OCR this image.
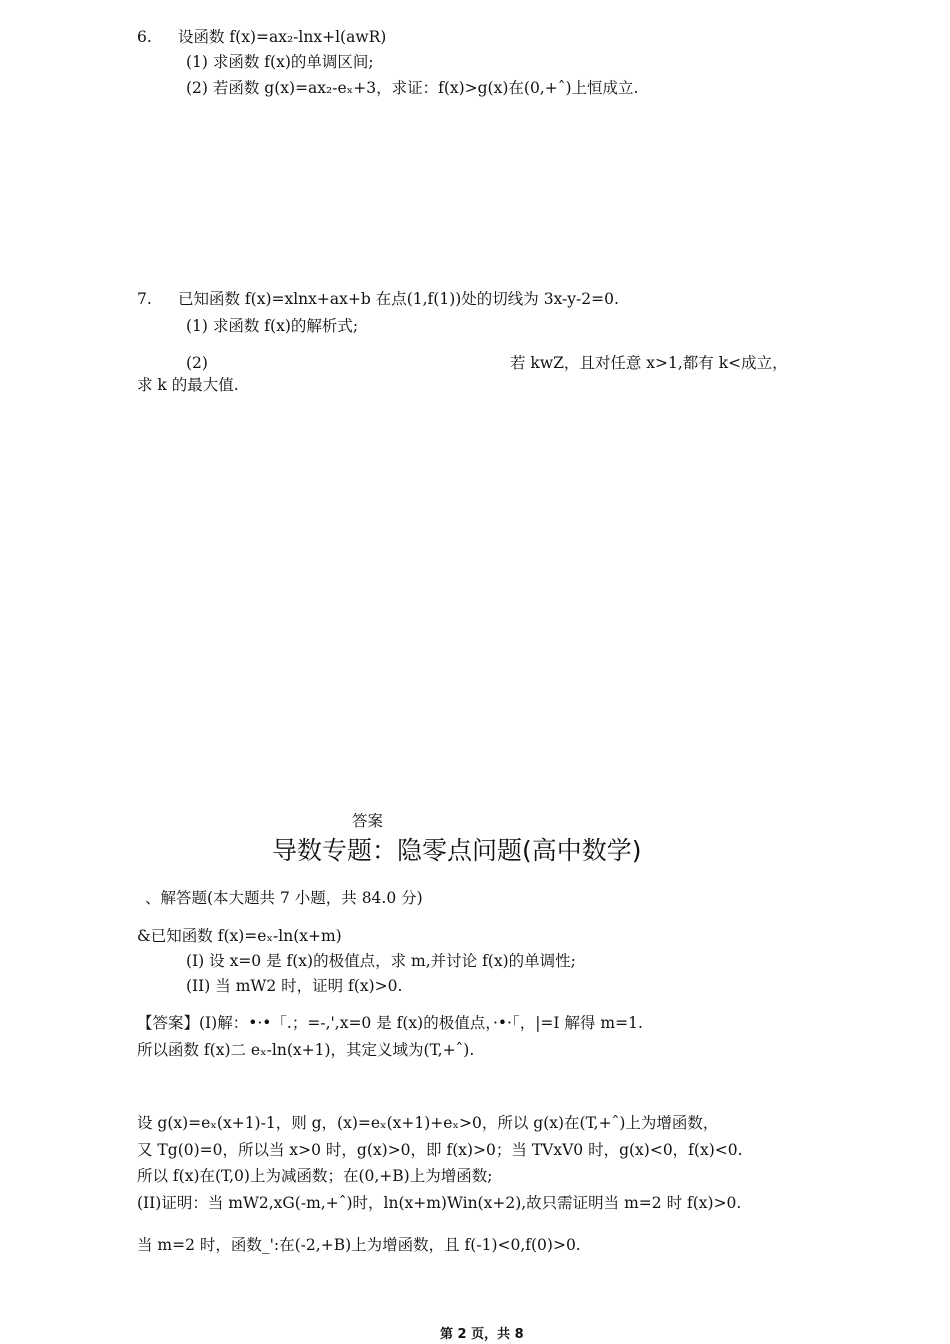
6. 设函数 f(x)=ax₂-lnx+l(awR)
(1) 求函数 f(x)的单调区间;
(2) 若函数 g(x)=ax₂-eₓ+3，求证：f(x)>g(x)在(0,+ˆ)上恒成立.
7. 已知函数 f(x)=xlnx+ax+b 在点(1,f(1))处的切线为 3x-y-2=0.
(1) 求函数 f(x)的解析式;
(2)	若 kwZ，且对任意 x>1,都有 k<成立，
求 k 的最大值.
答案
导数专题：隐零点问题(高中数学)
、解答题(本大题共 7 小题，共 84.0 分)
&已知函数 f(x)=eₓ-ln(x+m)
(I) 设 x=0 是 f(x)的极值点，求 m,并讨论 f(x)的单调性;
(II) 当 mW2 时，证明 f(x)>0.
【答案】(I)解：•·•「.；=-,',x=0 是 f(x)的极值点，·•·「，|=I 解得 m=1.
所以函数 f(x)二 eₓ-ln(x+1)，其定义域为(T,+ˆ).
设 g(x)=eₓ(x+1)-1，则 g，(x)=eₓ(x+1)+eₓ>0，所以 g(x)在(T,+ˆ)上为增函数，
又 Tg(0)=0，所以当 x>0 时，g(x)>0，即 f(x)>0；当 TVxV0 时，g(x)<0，f(x)<0.
所以 f(x)在(T,0)上为减函数；在(0,+B)上为增函数;
(II)证明：当 mW2,xG(-m,+ˆ)时，ln(x+m)Win(x+2),故只需证明当 m=2 时 f(x)>0.
当 m=2 时，函数_':在(-2,+B)上为增函数，且 f(-1)<0,f(0)>0.
第 2 页，共 8
